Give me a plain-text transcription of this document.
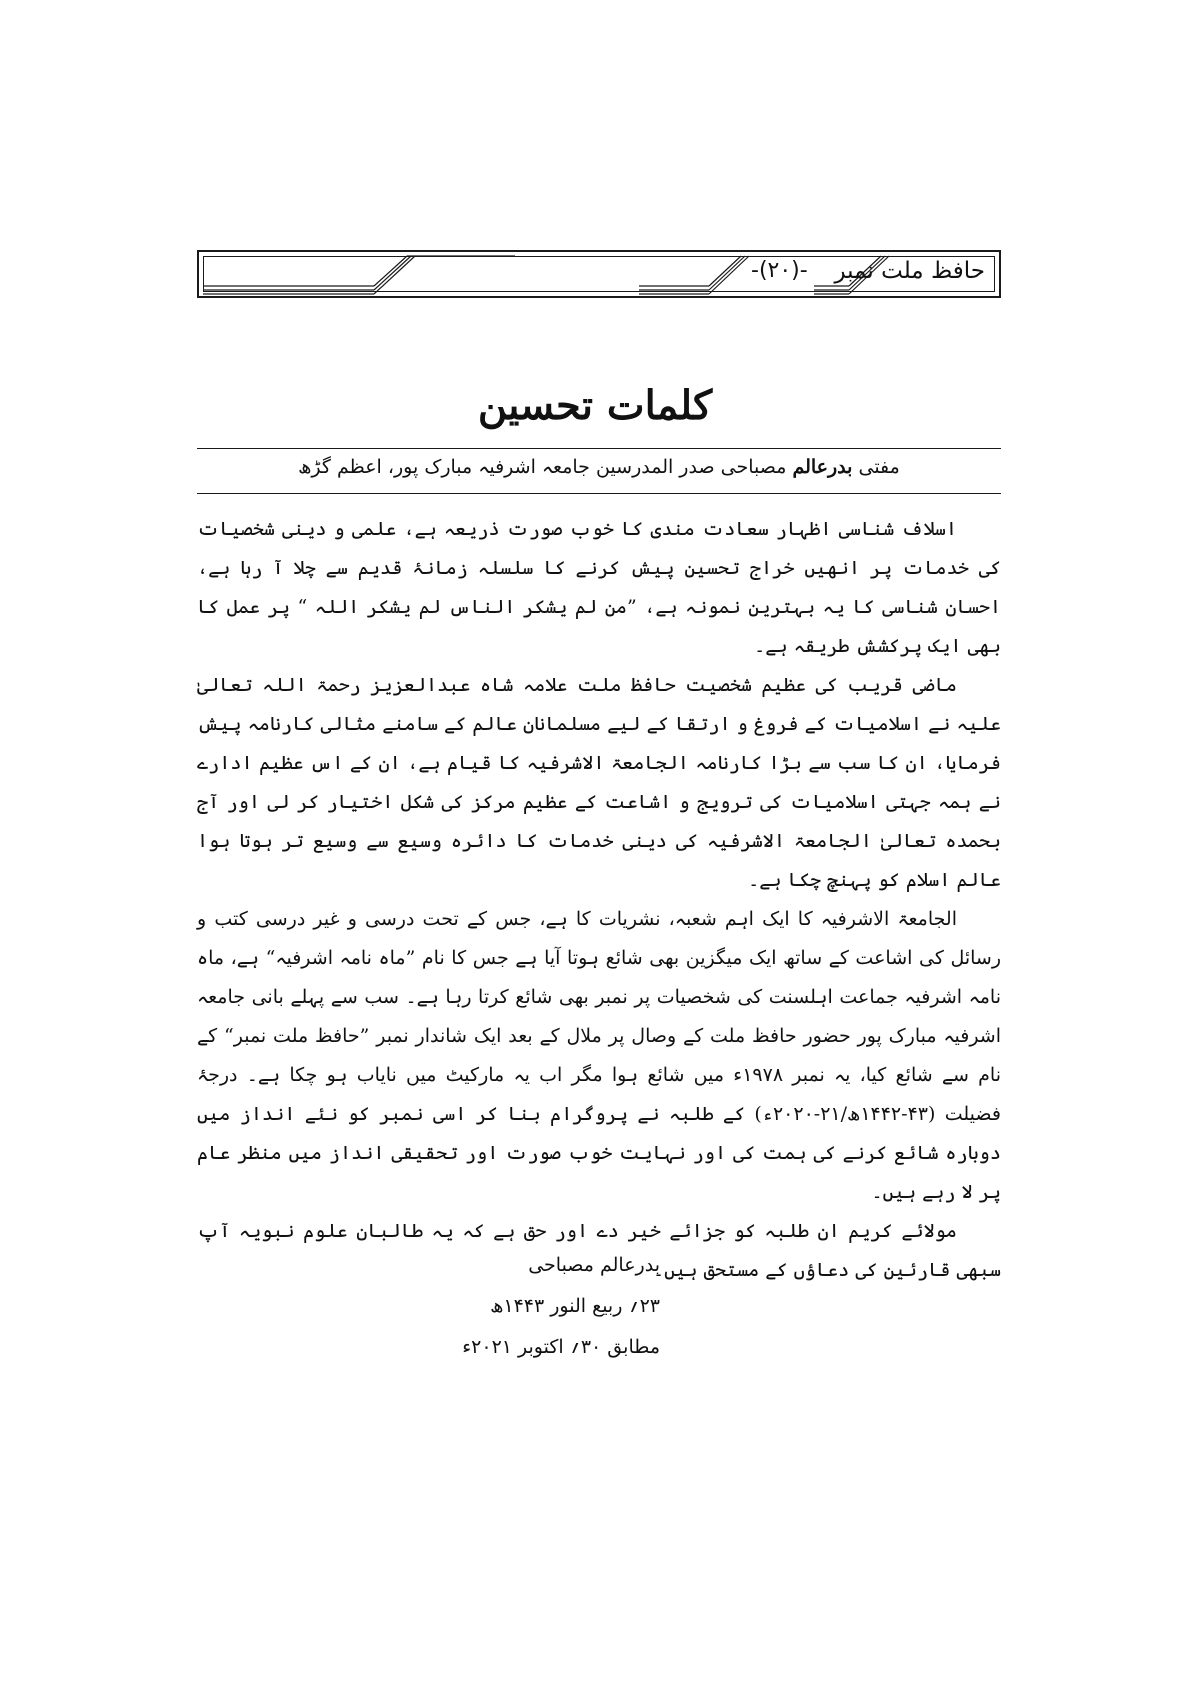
-(۲۰)- حافظ ملت نمبر
کلمات تحسین
مفتی بدرعالم مصباحی صدر المدرسین جامعہ اشرفیہ مبارک پور، اعظم گڑھ

اسلاف شناسی اظہار سعادت مندی کا خوب صورت ذریعہ ہے، علمی و دینی شخصیات کی خدمات پر انھیں خراج تحسین پیش کرنے کا سلسلہ زمانۂ قدیم سے چلا آ رہا ہے، احسان شناسی کا یہ بہترین نمونہ ہے، ”من لم یشکر الناس لم یشکر اللہ “ پر عمل کا بھی ایک پرکشش طریقہ ہے۔

ماضی قریب کی عظیم شخصیت حافظ ملت علامہ شاہ عبدالعزیز رحمۃ اللہ تعالیٰ علیہ نے اسلامیات کے فروغ و ارتقا کے لیے مسلمانان عالم کے سامنے مثالی کارنامہ پیش فرمایا، ان کا سب سے بڑا کارنامہ الجامعۃ الاشرفیہ کا قیام ہے، ان کے اس عظیم ادارے نے ہمہ جہتی اسلامیات کی ترویج و اشاعت کے عظیم مرکز کی شکل اختیار کر لی اور آج بحمدہ تعالیٰ الجامعۃ الاشرفیہ کی دینی خدمات کا دائرہ وسیع سے وسیع تر ہوتا ہوا عالم اسلام کو پہنچ چکا ہے۔

الجامعۃ الاشرفیہ کا ایک اہم شعبہ، نشریات کا ہے، جس کے تحت درسی و غیر درسی کتب و رسائل کی اشاعت کے ساتھ ایک میگزین بھی شائع ہوتا آیا ہے جس کا نام ”ماہ نامہ اشرفیہ“ ہے، ماہ نامہ اشرفیہ جماعت اہلسنت کی شخصیات پر نمبر بھی شائع کرتا رہا ہے۔ سب سے پہلے بانی جامعہ اشرفیہ مبارک پور حضور حافظ ملت کے وصال پر ملال کے بعد ایک شاندار نمبر ”حافظ ملت نمبر“ کے نام سے شائع کیا، یہ نمبر ۱۹۷۸ء میں شائع ہوا مگر اب یہ مارکیٹ میں نایاب ہو چکا ہے۔ درجۂ فضیلت (۴۳-۱۴۴۲ھ/۲۱-۲۰۲۰ء) کے طلبہ نے پروگرام بنا کر اسی نمبر کو نئے انداز میں دوبارہ شائع کرنے کی ہمت کی اور نہایت خوب صورت اور تحقیقی انداز میں منظر عام پر لا رہے ہیں۔

مولائے کریم ان طلبہ کو جزائے خیر دے اور حق ہے کہ یہ طالبان علوم نبویہ آپ سبھی قارئین کی دعاؤں کے مستحق ہیں۔

بدرعالم مصباحی
۲۳؍ ربیع النور ۱۴۴۳ھ
مطابق ۳۰؍ اکتوبر ۲۰۲۱ء
